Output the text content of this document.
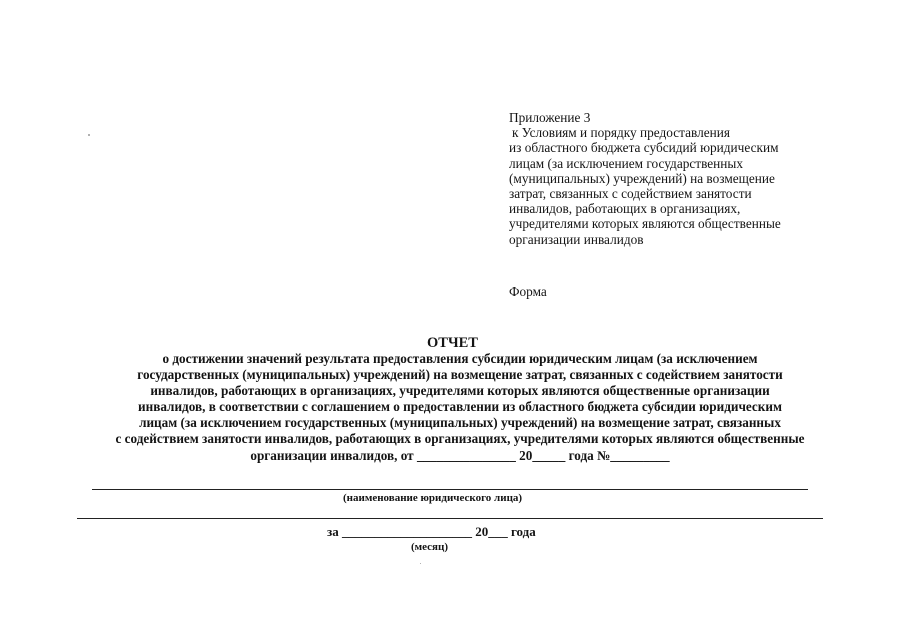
Приложение 3
к Условиям и порядку предоставления
из областного бюджета субсидий юридическим
лицам (за исключением государственных
(муниципальных) учреждений) на возмещение
затрат, связанных с содействием занятости
инвалидов, работающих в организациях,
учредителями которых являются общественные
организации инвалидов
Форма
ОТЧЕТ
о достижении значений результата предоставления субсидии юридическим лицам (за исключением
государственных (муниципальных) учреждений) на возмещение затрат, связанных с содействием занятости
инвалидов, работающих в организациях, учредителями которых являются общественные организации
инвалидов, в соответствии с соглашением о предоставлении из областного бюджета субсидии юридическим
лицам (за исключением государственных (муниципальных) учреждений) на возмещение затрат, связанных
с содействием занятости инвалидов, работающих в организациях, учредителями которых являются общественные
организации инвалидов, от _______________ 20_____ года №_________
(наименование юридического лица)
за ____________________ 20___ года
(месяц)
